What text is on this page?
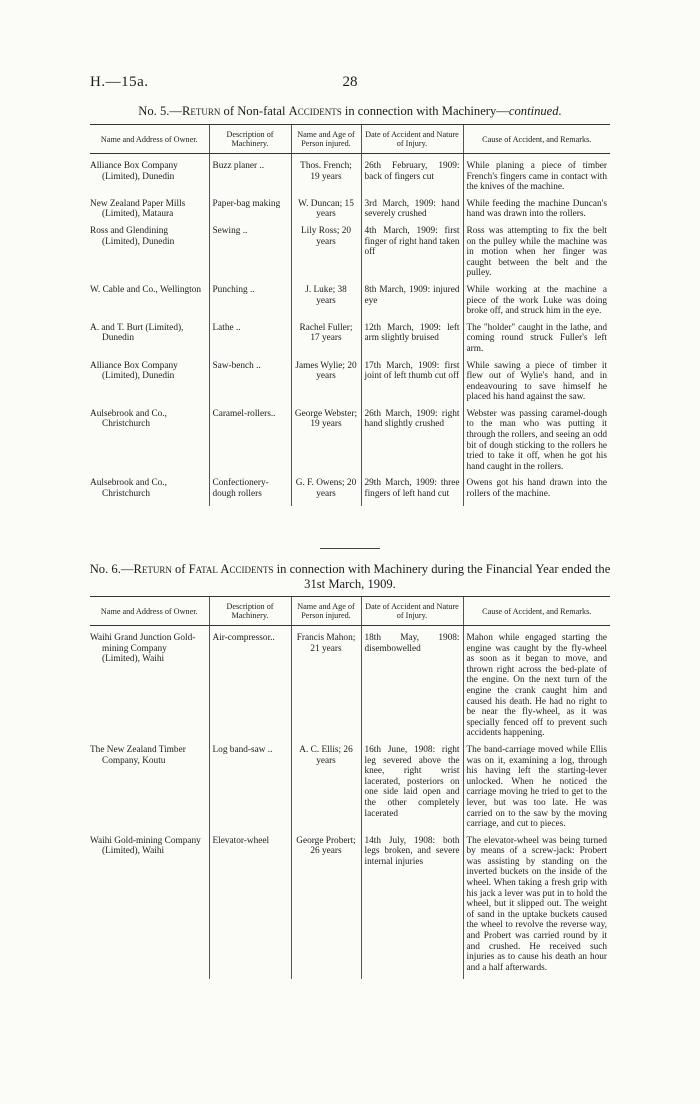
H.—15a.	28
No. 5.—Return of Non-fatal Accidents in connection with Machinery—continued.
Name and Address of Owner.	Description of Machinery.	Name and Age of Person injured.	Date of Accident and Nature of Injury.	Cause of Accident, and Remarks.
Alliance Box Company (Limited), Dunedin	Buzz planer ..	Thos. French; 19 years	26th February, 1909: back of fingers cut	While planing a piece of timber French's fingers came in contact with the knives of the machine.
New Zealand Paper Mills (Limited), Mataura	Paper-bag making	W. Duncan; 15 years	3rd March, 1909: hand severely crushed	While feeding the machine Duncan's hand was drawn into the rollers.
Ross and Glendining (Limited), Dunedin	Sewing ..	Lily Ross; 20 years	4th March, 1909: first finger of right hand taken off	Ross was attempting to fix the belt on the pulley while the machine was in motion when her finger was caught between the belt and the pulley.
W. Cable and Co., Wellington	Punching ..	J. Luke; 38 years	8th March, 1909: injured eye	While working at the machine a piece of the work Luke was doing broke off, and struck him in the eye.
A. and T. Burt (Limited), Dunedin	Lathe ..	Rachel Fuller; 17 years	12th March, 1909: left arm slightly bruised	The "holder" caught in the lathe, and coming round struck Fuller's left arm.
Alliance Box Company (Limited), Dunedin	Saw-bench ..	James Wylie; 20 years	17th March, 1909: first joint of left thumb cut off	While sawing a piece of timber it flew out of Wylie's hand, and in endeavouring to save himself he placed his hand against the saw.
Aulsebrook and Co., Christchurch	Caramel-rollers..	George Webster; 19 years	26th March, 1909: right hand slightly crushed	Webster was passing caramel-dough to the man who was putting it through the rollers, and seeing an odd bit of dough sticking to the rollers he tried to take it off, when he got his hand caught in the rollers.
Aulsebrook and Co., Christchurch	Confectionery-dough rollers	G. F. Owens; 20 years	29th March, 1909: three fingers of left hand cut	Owens got his hand drawn into the rollers of the machine.
No. 6.—Return of Fatal Accidents in connection with Machinery during the Financial Year ended the 31st March, 1909.
Name and Address of Owner.	Description of Machinery.	Name and Age of Person injured.	Date of Accident and Nature of Injury.	Cause of Accident, and Remarks.
Waihi Grand Junction Gold-mining Company (Limited), Waihi	Air-compressor..	Francis Mahon; 21 years	18th May, 1908: disembowelled	Mahon while engaged starting the engine was caught by the fly-wheel as soon as it began to move, and thrown right across the bed-plate of the engine. On the next turn of the engine the crank caught him and caused his death. He had no right to be near the fly-wheel, as it was specially fenced off to prevent such accidents happening.
The New Zealand Timber Company, Koutu	Log band-saw ..	A. C. Ellis; 26 years	16th June, 1908: right leg severed above the knee, right wrist lacerated, posteriors on one side laid open and the other completely lacerated	The band-carriage moved while Ellis was on it, examining a log, through his having left the starting-lever unlocked. When he noticed the carriage moving he tried to get to the lever, but was too late. He was carried on to the saw by the moving carriage, and cut to pieces.
Waihi Gold-mining Company (Limited), Waihi	Elevator-wheel	George Probert; 26 years	14th July, 1908: both legs broken, and severe internal injuries	The elevator-wheel was being turned by means of a screw-jack: Probert was assisting by standing on the inverted buckets on the inside of the wheel. When taking a fresh grip with his jack a lever was put in to hold the wheel, but it slipped out. The weight of sand in the uptake buckets caused the wheel to revolve the reverse way, and Probert was carried round by it and crushed. He received such injuries as to cause his death an hour and a half afterwards.
